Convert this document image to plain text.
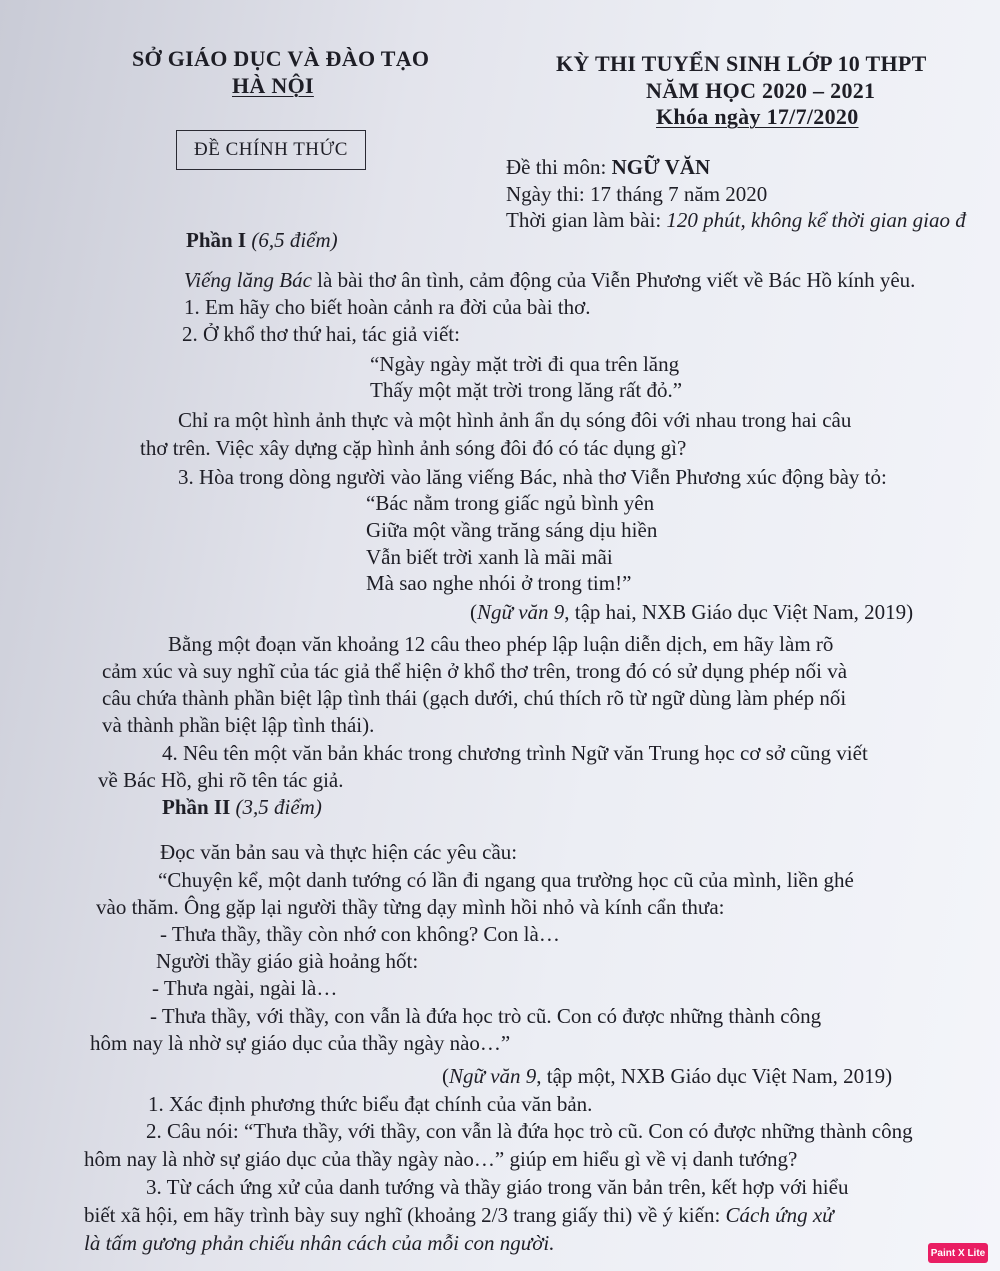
SỞ GIÁO DỤC VÀ ĐÀO TẠO
HÀ NỘI
ĐỀ CHÍNH THỨC
KỲ THI TUYỂN SINH LỚP 10 THPT
NĂM HỌC 2020 – 2021
Khóa ngày 17/7/2020
Đề thi môn: NGỮ VĂN
Ngày thi: 17 tháng 7 năm 2020
Thời gian làm bài: 120 phút, không kể thời gian giao đ
Phần I (6,5 điểm)
Viếng lăng Bác là bài thơ ân tình, cảm động của Viễn Phương viết về Bác Hồ kính yêu.
1. Em hãy cho biết hoàn cảnh ra đời của bài thơ.
2. Ở khổ thơ thứ hai, tác giả viết:
“Ngày ngày mặt trời đi qua trên lăng
Thấy một mặt trời trong lăng rất đỏ.”
Chỉ ra một hình ảnh thực và một hình ảnh ẩn dụ sóng đôi với nhau trong hai câu
thơ trên. Việc xây dựng cặp hình ảnh sóng đôi đó có tác dụng gì?
3. Hòa trong dòng người vào lăng viếng Bác, nhà thơ Viễn Phương xúc động bày tỏ:
“Bác nằm trong giấc ngủ bình yên
Giữa một vầng trăng sáng dịu hiền
Vẫn biết trời xanh là mãi mãi
Mà sao nghe nhói ở trong tim!”
(Ngữ văn 9, tập hai, NXB Giáo dục Việt Nam, 2019)
Bằng một đoạn văn khoảng 12 câu theo phép lập luận diễn dịch, em hãy làm rõ
cảm xúc và suy nghĩ của tác giả thể hiện ở khổ thơ trên, trong đó có sử dụng phép nối và
câu chứa thành phần biệt lập tình thái (gạch dưới, chú thích rõ từ ngữ dùng làm phép nối
và thành phần biệt lập tình thái).
4. Nêu tên một văn bản khác trong chương trình Ngữ văn Trung học cơ sở cũng viết
về Bác Hồ, ghi rõ tên tác giả.
Phần II (3,5 điểm)
Đọc văn bản sau và thực hiện các yêu cầu:
“Chuyện kể, một danh tướng có lần đi ngang qua trường học cũ của mình, liền ghé
vào thăm. Ông gặp lại người thầy từng dạy mình hồi nhỏ và kính cẩn thưa:
- Thưa thầy, thầy còn nhớ con không? Con là…
Người thầy giáo già hoảng hốt:
- Thưa ngài, ngài là…
- Thưa thầy, với thầy, con vẫn là đứa học trò cũ. Con có được những thành công
hôm nay là nhờ sự giáo dục của thầy ngày nào…”
(Ngữ văn 9, tập một, NXB Giáo dục Việt Nam, 2019)
1. Xác định phương thức biểu đạt chính của văn bản.
2. Câu nói: “Thưa thầy, với thầy, con vẫn là đứa học trò cũ. Con có được những thành công
hôm nay là nhờ sự giáo dục của thầy ngày nào…” giúp em hiểu gì về vị danh tướng?
3. Từ cách ứng xử của danh tướng và thầy giáo trong văn bản trên, kết hợp với hiểu
biết xã hội, em hãy trình bày suy nghĩ (khoảng 2/3 trang giấy thi) về ý kiến: Cách ứng xử
là tấm gương phản chiếu nhân cách của mỗi con người.	Paint X Lite
